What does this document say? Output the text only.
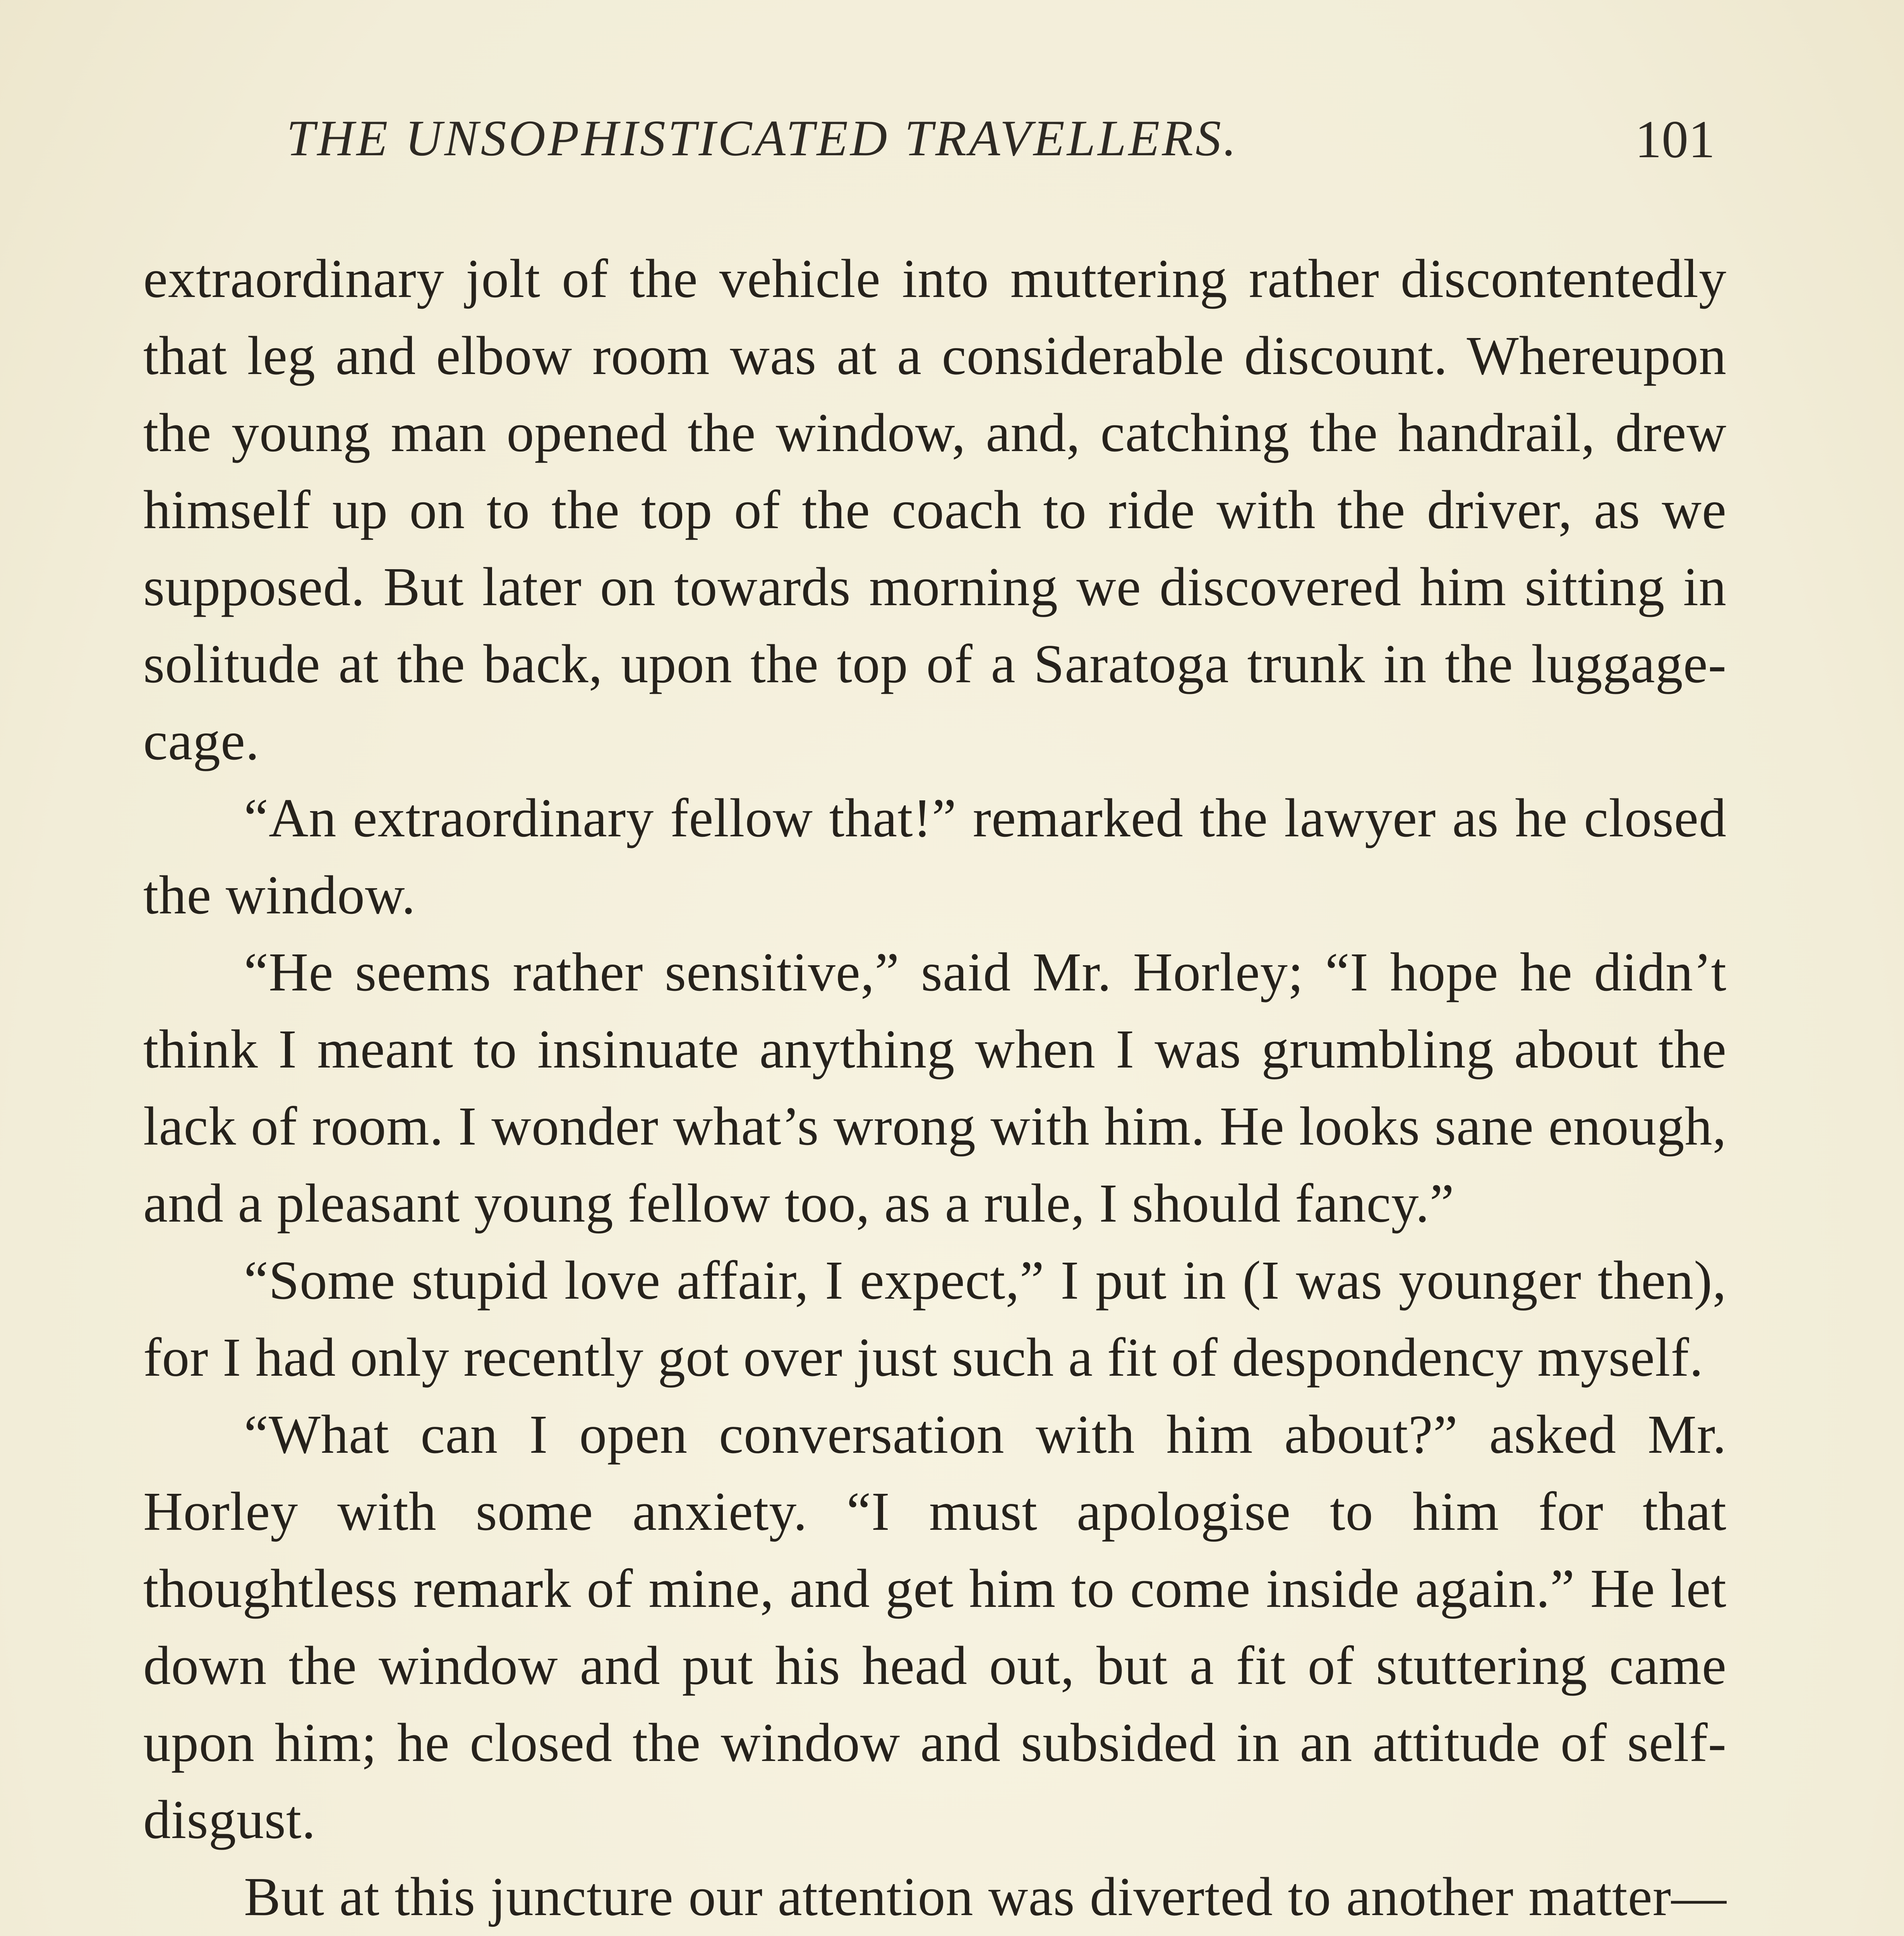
THE UNSOPHISTICATED TRAVELLERS.	101

extraordinary jolt of the vehicle into muttering rather discontentedly that leg and elbow room was at a considerable discount. Whereupon the young man opened the window, and, catching the handrail, drew himself up on to the top of the coach to ride with the driver, as we supposed. But later on towards morning we discovered him sitting in solitude at the back, upon the top of a Saratoga trunk in the luggage-cage.

“An extraordinary fellow that!” remarked the lawyer as he closed the window.

“He seems rather sensitive,” said Mr. Horley; “I hope he didn’t think I meant to insinuate anything when I was grumbling about the lack of room. I wonder what’s wrong with him. He looks sane enough, and a pleasant young fellow too, as a rule, I should fancy.”

“Some stupid love affair, I expect,” I put in (I was younger then), for I had only recently got over just such a fit of despondency myself.

“What can I open conversation with him about?” asked Mr. Horley with some anxiety. “I must apologise to him for that thoughtless remark of mine, and get him to come inside again.” He let down the window and put his head out, but a fit of stuttering came upon him; he closed the window and subsided in an attitude of self-disgust.

But at this juncture our attention was diverted to another matter—
